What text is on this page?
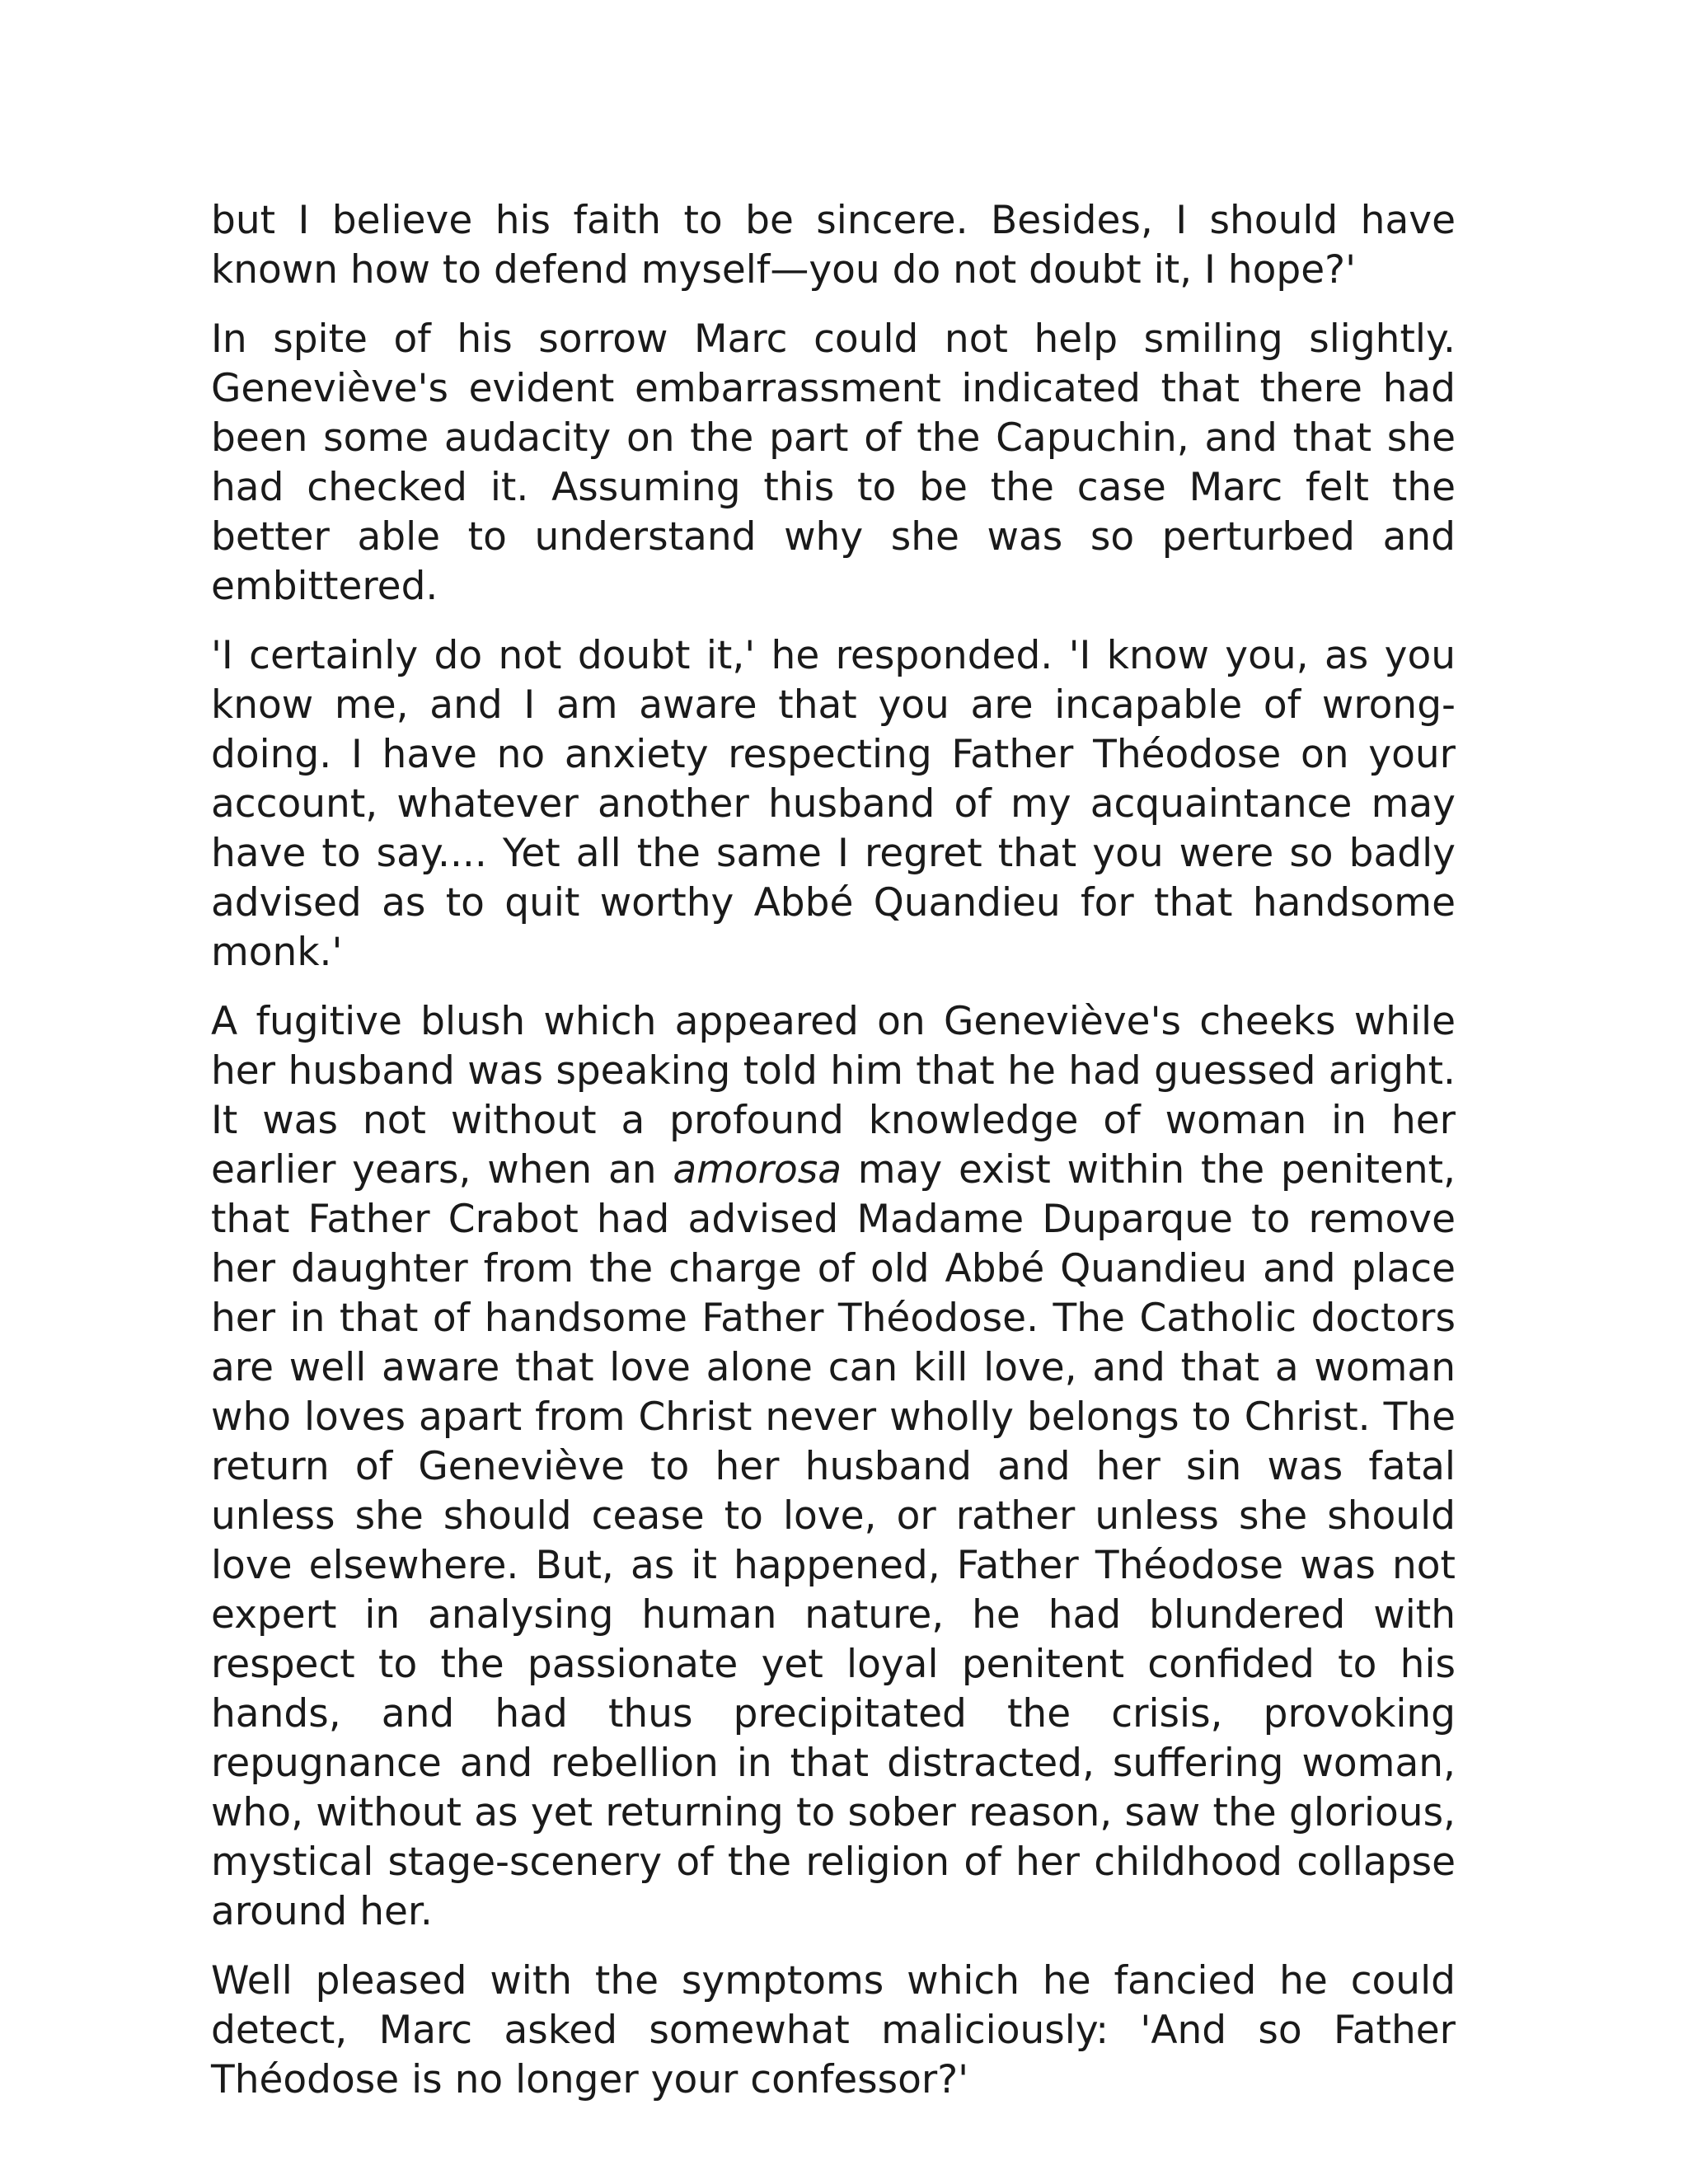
but I believe his faith to be sincere. Besides, I should have known how to defend myself—you do not doubt it, I hope?'

In spite of his sorrow Marc could not help smiling slightly. Geneviève's evident embarrassment indicated that there had been some audacity on the part of the Capuchin, and that she had checked it. Assuming this to be the case Marc felt the better able to understand why she was so perturbed and embittered.

'I certainly do not doubt it,' he responded. 'I know you, as you know me, and I am aware that you are incapable of wrong-doing. I have no anxiety respecting Father Théodose on your account, whatever another husband of my acquaintance may have to say.... Yet all the same I regret that you were so badly advised as to quit worthy Abbé Quandieu for that handsome monk.'

A fugitive blush which appeared on Geneviève's cheeks while her husband was speaking told him that he had guessed aright. It was not without a profound knowledge of woman in her earlier years, when an amorosa may exist within the penitent, that Father Crabot had advised Madame Duparque to remove her daughter from the charge of old Abbé Quandieu and place her in that of handsome Father Théodose. The Catholic doctors are well aware that love alone can kill love, and that a woman who loves apart from Christ never wholly belongs to Christ. The return of Geneviève to her husband and her sin was fatal unless she should cease to love, or rather unless she should love elsewhere. But, as it happened, Father Théodose was not expert in analysing human nature, he had blundered with respect to the passionate yet loyal penitent confided to his hands, and had thus precipitated the crisis, provoking repugnance and rebellion in that distracted, suffering woman, who, without as yet returning to sober reason, saw the glorious, mystical stage-scenery of the religion of her childhood collapse around her.

Well pleased with the symptoms which he fancied he could detect, Marc asked somewhat maliciously: 'And so Father Théodose is no longer your confessor?'
